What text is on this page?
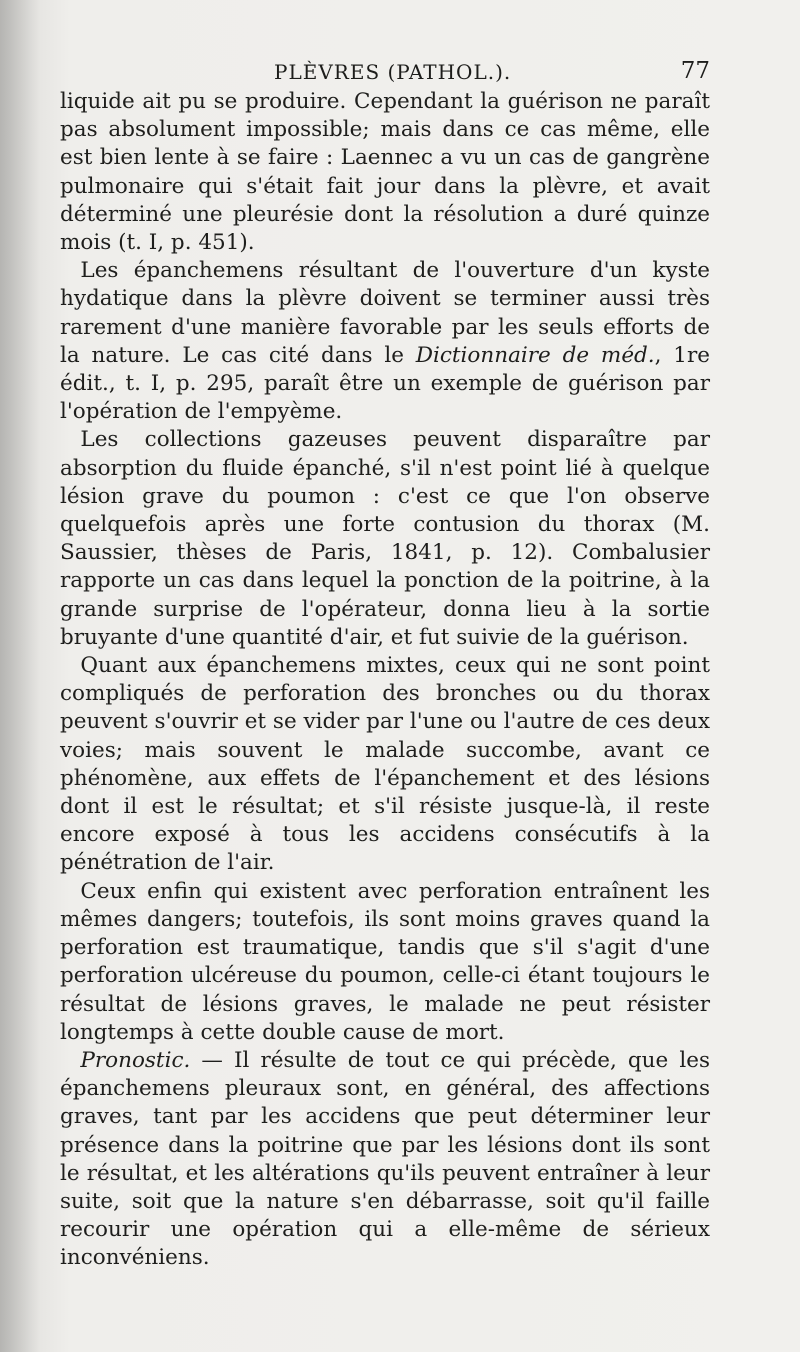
PLÈVRES (PATHOL.).	77

liquide ait pu se produire. Cependant la guérison ne paraît pas absolument impossible; mais dans ce cas même, elle est bien lente à se faire : Laennec a vu un cas de gangrène pulmonaire qui s'était fait jour dans la plèvre, et avait déterminé une pleurésie dont la résolution a duré quinze mois (t. I, p. 451).

Les épanchemens résultant de l'ouverture d'un kyste hydatique dans la plèvre doivent se terminer aussi très rarement d'une manière favorable par les seuls efforts de la nature. Le cas cité dans le Dictionnaire de méd., 1re édit., t. I, p. 295, paraît être un exemple de guérison par l'opération de l'empyème.

Les collections gazeuses peuvent disparaître par absorption du fluide épanché, s'il n'est point lié à quelque lésion grave du poumon : c'est ce que l'on observe quelquefois après une forte contusion du thorax (M. Saussier, thèses de Paris, 1841, p. 12). Combalusier rapporte un cas dans lequel la ponction de la poitrine, à la grande surprise de l'opérateur, donna lieu à la sortie bruyante d'une quantité d'air, et fut suivie de la guérison.

Quant aux épanchemens mixtes, ceux qui ne sont point compliqués de perforation des bronches ou du thorax peuvent s'ouvrir et se vider par l'une ou l'autre de ces deux voies; mais souvent le malade succombe, avant ce phénomène, aux effets de l'épanchement et des lésions dont il est le résultat; et s'il résiste jusque-là, il reste encore exposé à tous les accidens consécutifs à la pénétration de l'air.

Ceux enfin qui existent avec perforation entraînent les mêmes dangers; toutefois, ils sont moins graves quand la perforation est traumatique, tandis que s'il s'agit d'une perforation ulcéreuse du poumon, celle-ci étant toujours le résultat de lésions graves, le malade ne peut résister longtemps à cette double cause de mort.

Pronostic. — Il résulte de tout ce qui précède, que les épanchemens pleuraux sont, en général, des affections graves, tant par les accidens que peut déterminer leur présence dans la poitrine que par les lésions dont ils sont le résultat, et les altérations qu'ils peuvent entraîner à leur suite, soit que la nature s'en débarrasse, soit qu'il faille recourir une opération qui a elle-même de sérieux inconvéniens.
